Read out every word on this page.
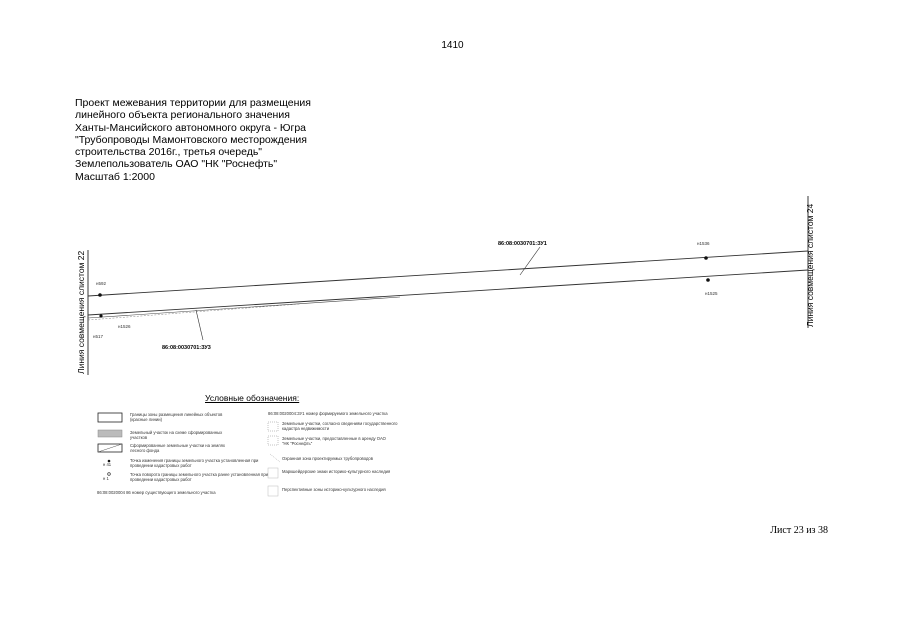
1410
Проект межевания территории для размещения
линейного объекта регионального значения
Ханты-Мансийского автономного округа - Югра
"Трубопроводы Мамонтовского месторождения
строительства 2016г., третья очередь"
Землепользователь ОАО "НК "Роснефть"
Масштаб 1:2000
Линия совмещения слистом 22	Линия совмещения слистом 24
86:08:0030701:ЗУ1
86:08:0030701:ЗУ3
н592
н1526
н517
н1536
н1525
Условные обозначения:
Границы зоны размещения линейных объектов (красные линии)
Земельный участок на схеме сформированных участков
Сформированные земельные участки на землях лесного фонда
Точка изменения границы земельного участка установленная при проведении кадастровых работ
Точка поворота границы земельного участка ранее установленная при проведении кадастровых работ
н 41
н 1
86:08:0020004 86 номер существующего земельного участка
86:08:0020004:ЗУ1 номер формируемого земельного участка
Земельные участки, согласно сведениям государственного кадастра недвижимости
Земельные участки, предоставленные в аренду ОАО "НК "Роснефть"
Охранная зона проектируемых трубопроводов
Маркшейдерские знаки историко-культурного наследия
Перспективные зоны историко-культурного наследия
Лист 23 из 38
